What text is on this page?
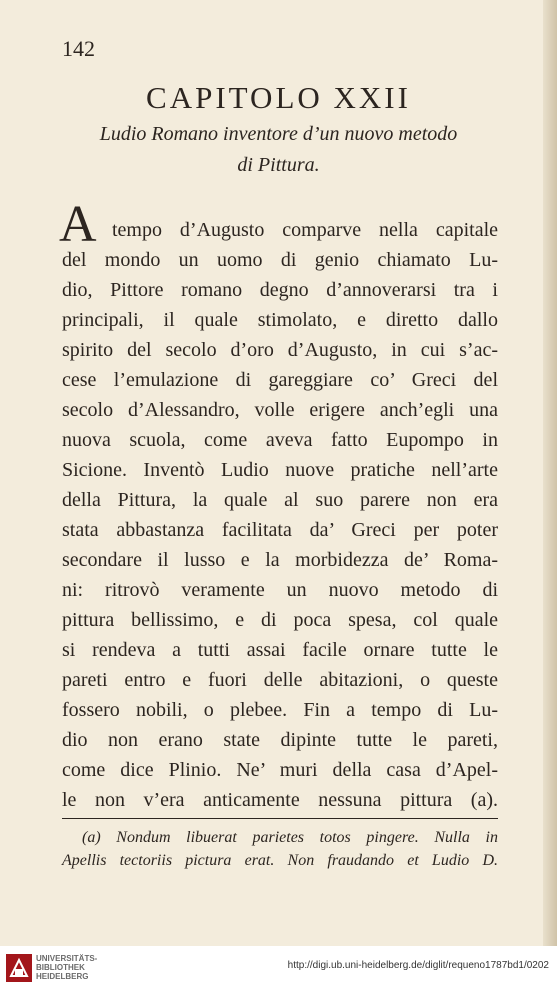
142
CAPITOLO XXII
Ludio Romano inventore d’un nuovo metodo
di Pittura.
A tempo d’Augusto comparve nella capitale
del mondo un uomo di genio chiamato Lu-
dio, Pittore romano degno d’annoverarsi tra i
principali, il quale stimolato, e diretto dallo
spirito del secolo d’oro d’Augusto, in cui s’ac-
cese l’emulazione di gareggiare co’ Greci del
secolo d’Alessandro, volle erigere anch’egli una
nuova scuola, come aveva fatto Eupompo in
Sicione. Inventò Ludio nuove pratiche nell’arte
della Pittura, la quale al suo parere non era
stata abbastanza facilitata da’ Greci per poter
secondare il lusso e la morbidezza de’ Roma-
ni: ritrovò veramente un nuovo metodo di
pittura bellissimo, e di poca spesa, col quale
si rendeva a tutti assai facile ornare tutte le
pareti entro e fuori delle abitazioni, o queste
fossero nobili, o plebee. Fin a tempo di Lu-
dio non erano state dipinte tutte le pareti,
come dice Plinio. Ne’ muri della casa d’Apel-
le non v’era anticamente nessuna pittura (a).
(a) Nondum libuerat parietes totos pingere. Nulla in
Apellis tectoriis pictura erat. Non fraudando et Ludio D.
UNIVERSITÄTS-
BIBLIOTHEK
HEIDELBERG
http://digi.ub.uni-heidelberg.de/diglit/requeno1787bd1/0202
